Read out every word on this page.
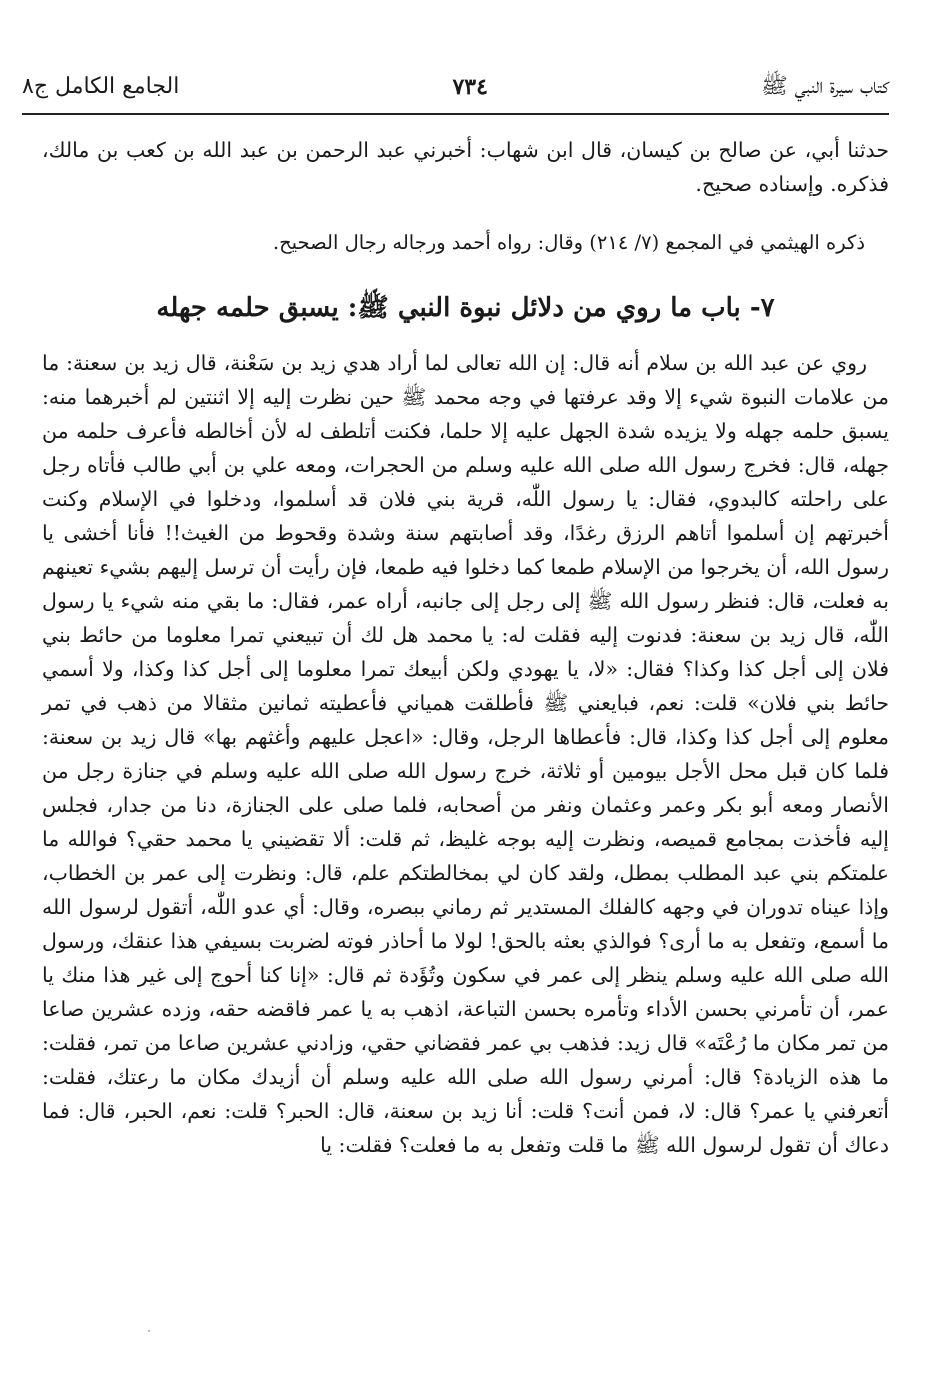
كتاب سيرة النبي ﷺ
٧٣٤
الجامع الكامل ج٨
حدثنا أبي، عن صالح بن كيسان، قال ابن شهاب: أخبرني عبد الرحمن بن عبد الله بن كعب بن مالك، فذكره. وإسناده صحيح.
ذكره الهيثمي في المجمع (٧/ ٢١٤) وقال: رواه أحمد ورجاله رجال الصحيح.
٧- باب ما روي من دلائل نبوة النبي ﷺ: يسبق حلمه جهله

روي عن عبد الله بن سلام أنه قال: إن الله تعالى لما أراد هدي زيد بن سَعْنة، قال زيد بن سعنة: ما من علامات النبوة شيء إلا وقد عرفتها في وجه محمد ﷺ حين نظرت إليه إلا اثنتين لم أخبرهما منه: يسبق حلمه جهله ولا يزيده شدة الجهل عليه إلا حلما، فكنت أتلطف له لأن أخالطه فأعرف حلمه من جهله، قال: فخرج رسول الله صلى الله عليه وسلم من الحجرات، ومعه علي بن أبي طالب فأتاه رجل على راحلته كالبدوي، فقال: يا رسول اللّٰه، قرية بني فلان قد أسلموا، ودخلوا في الإسلام وكنت أخبرتهم إن أسلموا أتاهم الرزق رغدًا، وقد أصابتهم سنة وشدة وقحوط من الغيث!! فأنا أخشى يا رسول الله، أن يخرجوا من الإسلام طمعا كما دخلوا فيه طمعا، فإن رأيت أن ترسل إليهم بشيء تعينهم به فعلت، قال: فنظر رسول الله ﷺ إلى رجل إلى جانبه، أراه عمر، فقال: ما بقي منه شيء يا رسول اللّٰه، قال زيد بن سعنة: فدنوت إليه فقلت له: يا محمد هل لك أن تبيعني تمرا معلوما من حائط بني فلان إلى أجل كذا وكذا؟ فقال: «لا، يا يهودي ولكن أبيعك تمرا معلوما إلى أجل كذا وكذا، ولا أسمي حائط بني فلان» قلت: نعم، فبايعني ﷺ فأطلقت همياني فأعطيته ثمانين مثقالا من ذهب في تمر معلوم إلى أجل كذا وكذا، قال: فأعطاها الرجل، وقال: «اعجل عليهم وأغثهم بها» قال زيد بن سعنة: فلما كان قبل محل الأجل بيومين أو ثلاثة، خرج رسول الله صلى الله عليه وسلم في جنازة رجل من الأنصار ومعه أبو بكر وعمر وعثمان ونفر من أصحابه، فلما صلى على الجنازة، دنا من جدار، فجلس إليه فأخذت بمجامع قميصه، ونظرت إليه بوجه غليظ، ثم قلت: ألا تقضيني يا محمد حقي؟ فوالله ما علمتكم بني عبد المطلب بمطل، ولقد كان لي بمخالطتكم علم، قال: ونظرت إلى عمر بن الخطاب، وإذا عيناه تدوران في وجهه كالفلك المستدير ثم رماني ببصره، وقال: أي عدو اللّٰه، أتقول لرسول الله ما أسمع، وتفعل به ما أرى؟ فوالذي بعثه بالحق! لولا ما أحاذر فوته لضربت بسيفي هذا عنقك، ورسول الله صلى الله عليه وسلم ينظر إلى عمر في سكون وتُؤَدة ثم قال: «إنا كنا أحوج إلى غير هذا منك يا عمر، أن تأمرني بحسن الأداء وتأمره بحسن التباعة، اذهب به يا عمر فاقضه حقه، وزده عشرين صاعا من تمر مكان ما رُعْتَه» قال زيد: فذهب بي عمر فقضاني حقي، وزادني عشرين صاعا من تمر، فقلت: ما هذه الزيادة؟ قال: أمرني رسول الله صلى الله عليه وسلم أن أزيدك مكان ما رعتك، فقلت: أتعرفني يا عمر؟ قال: لا، فمن أنت؟ قلت: أنا زيد بن سعنة، قال: الحبر؟ قلت: نعم، الحبر، قال: فما دعاك أن تقول لرسول الله ﷺ ما قلت وتفعل به ما فعلت؟ فقلت: يا
